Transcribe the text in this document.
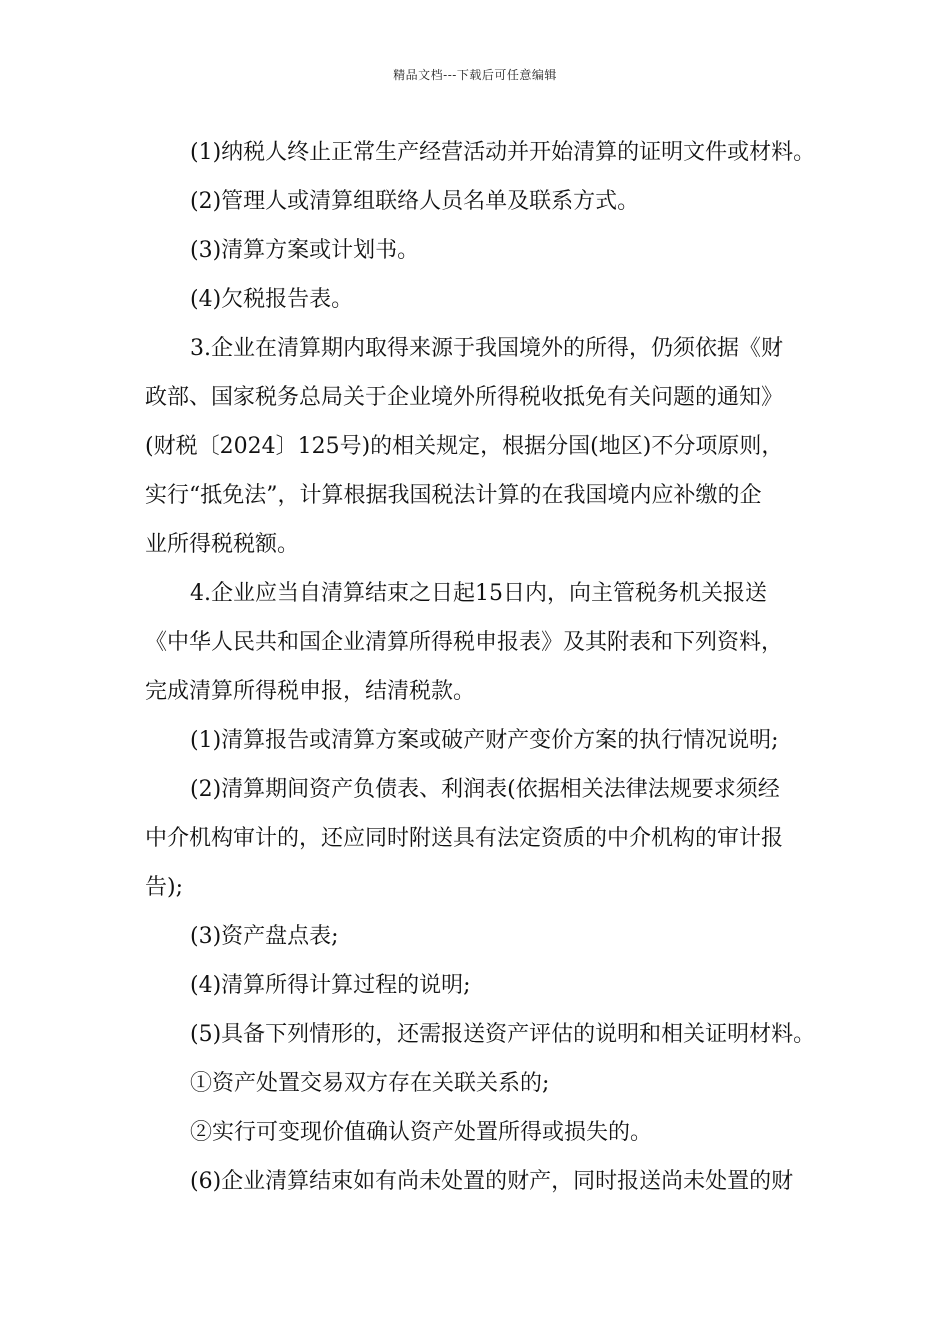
精品文档---下载后可任意编辑
(1)纳税人终止正常生产经营活动并开始清算的证明文件或材料。
(2)管理人或清算组联络人员名单及联系方式。
(3)清算方案或计划书。
(4)欠税报告表。
3.企业在清算期内取得来源于我国境外的所得，仍须依据《财
政部、国家税务总局关于企业境外所得税收抵免有关问题的通知》
(财税〔2024〕125号)的相关规定，根据分国(地区)不分项原则，
实行“抵免法”，计算根据我国税法计算的在我国境内应补缴的企
业所得税税额。
4.企业应当自清算结束之日起15日内，向主管税务机关报送
《中华人民共和国企业清算所得税申报表》及其附表和下列资料，
完成清算所得税申报，结清税款。
(1)清算报告或清算方案或破产财产变价方案的执行情况说明;
(2)清算期间资产负债表、利润表(依据相关法律法规要求须经
中介机构审计的，还应同时附送具有法定资质的中介机构的审计报
告);
(3)资产盘点表;
(4)清算所得计算过程的说明;
(5)具备下列情形的，还需报送资产评估的说明和相关证明材料。
①资产处置交易双方存在关联关系的;
②实行可变现价值确认资产处置所得或损失的。
(6)企业清算结束如有尚未处置的财产，同时报送尚未处置的财
